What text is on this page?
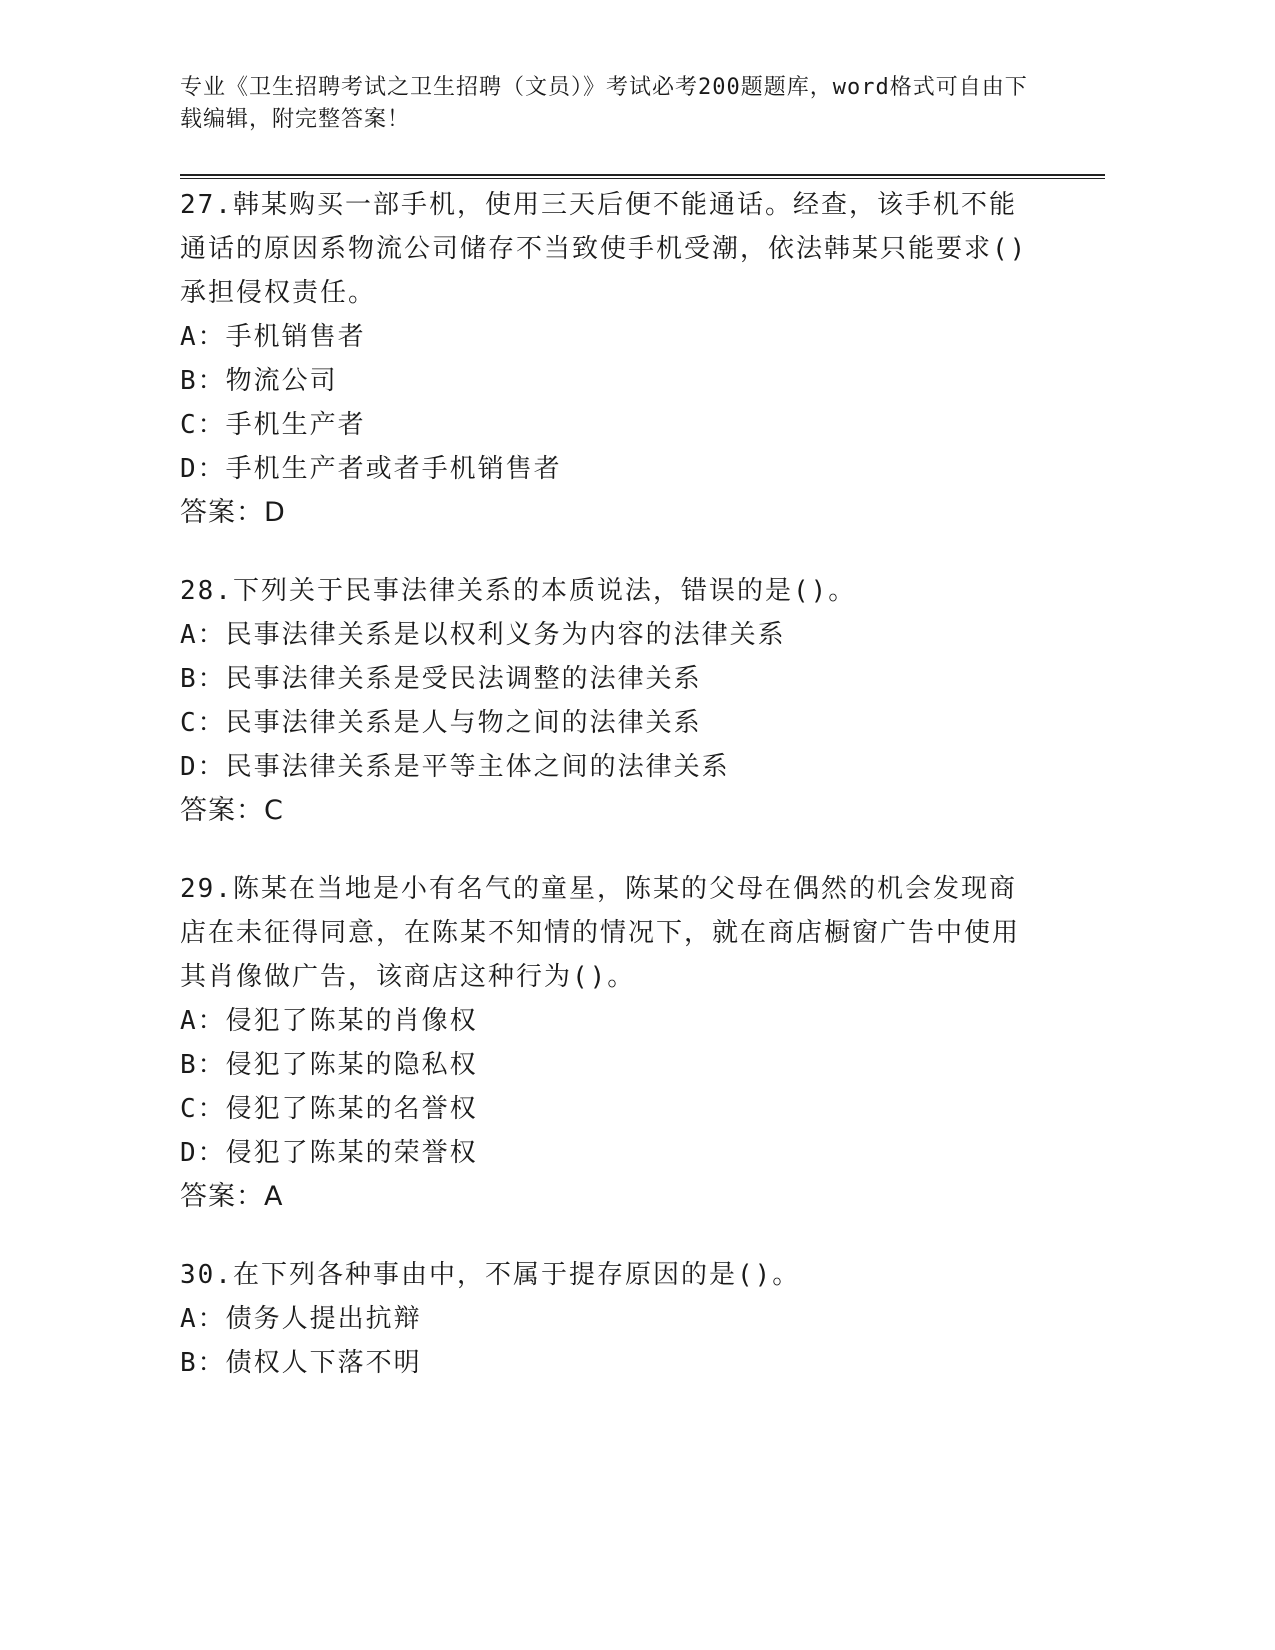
专业《卫生招聘考试之卫生招聘（文员）》考试必考200题题库，word格式可自由下载编辑，附完整答案！

27.韩某购买一部手机，使用三天后便不能通话。经查，该手机不能通话的原因系物流公司储存不当致使手机受潮，依法韩某只能要求()承担侵权责任。

A：手机销售者

B：物流公司

C：手机生产者

D：手机生产者或者手机销售者

答案：D

28.下列关于民事法律关系的本质说法，错误的是()。

A：民事法律关系是以权利义务为内容的法律关系

B：民事法律关系是受民法调整的法律关系

C：民事法律关系是人与物之间的法律关系

D：民事法律关系是平等主体之间的法律关系

答案：C

29.陈某在当地是小有名气的童星，陈某的父母在偶然的机会发现商店在未征得同意，在陈某不知情的情况下，就在商店橱窗广告中使用其肖像做广告，该商店这种行为()。

A：侵犯了陈某的肖像权

B：侵犯了陈某的隐私权

C：侵犯了陈某的名誉权

D：侵犯了陈某的荣誉权

答案：A

30.在下列各种事由中，不属于提存原因的是()。

A：债务人提出抗辩

B：债权人下落不明
